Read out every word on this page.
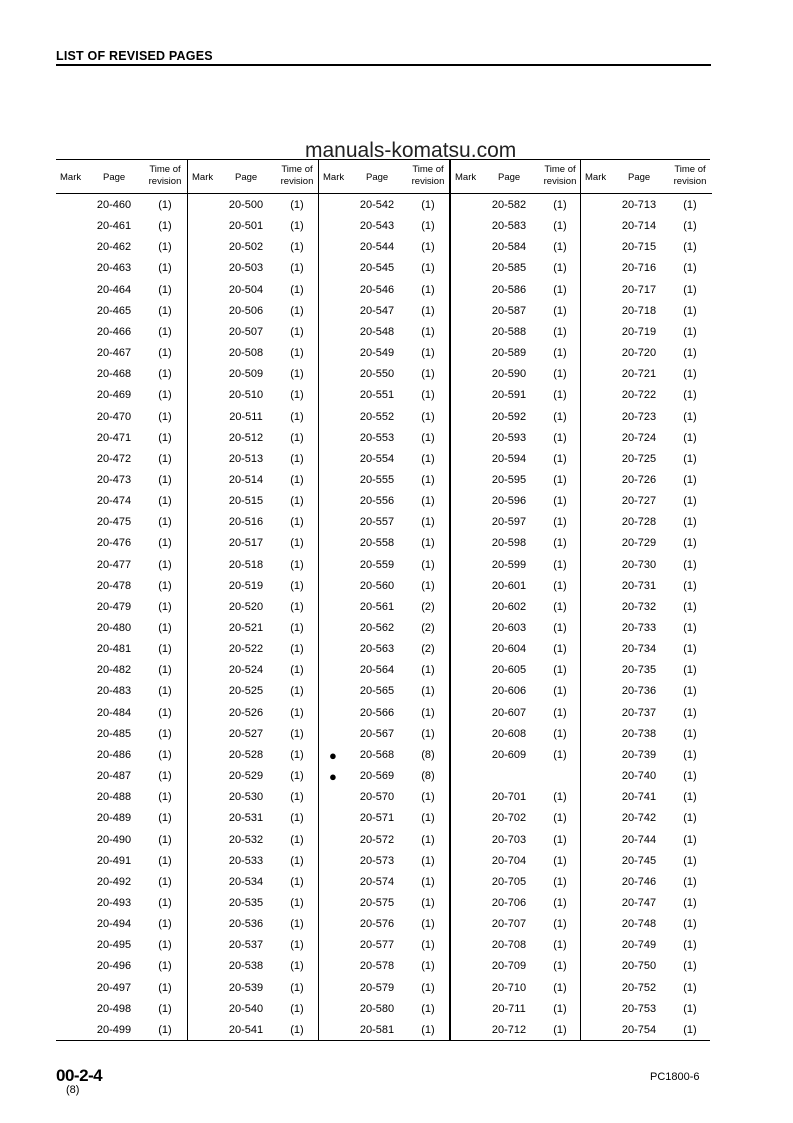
LIST OF REVISED PAGES
manuals-komatsu.com
Mark Page
Time of
revision
20-460	(1)
20-461	(1)
20-462	(1)
20-463	(1)
20-464	(1)
20-465	(1)
20-466	(1)
20-467	(1)
20-468	(1)
20-469	(1)
20-470	(1)
20-471	(1)
20-472	(1)
20-473	(1)
20-474	(1)
20-475	(1)
20-476	(1)
20-477	(1)
20-478	(1)
20-479	(1)
20-480	(1)
20-481	(1)
20-482	(1)
20-483	(1)
20-484	(1)
20-485	(1)
20-486	(1)
20-487	(1)
20-488	(1)
20-489	(1)
20-490	(1)
20-491	(1)
20-492	(1)
20-493	(1)
20-494	(1)
20-495	(1)
20-496	(1)
20-497	(1)
20-498	(1)
20-499	(1)
Mark Page
Time of
revision
20-500	(1)
20-501	(1)
20-502	(1)
20-503	(1)
20-504	(1)
20-506	(1)
20-507	(1)
20-508	(1)
20-509	(1)
20-510	(1)
20-511	(1)
20-512	(1)
20-513	(1)
20-514	(1)
20-515	(1)
20-516	(1)
20-517	(1)
20-518	(1)
20-519	(1)
20-520	(1)
20-521	(1)
20-522	(1)
20-524	(1)
20-525	(1)
20-526	(1)
20-527	(1)
20-528	(1)
20-529	(1)
20-530	(1)
20-531	(1)
20-532	(1)
20-533	(1)
20-534	(1)
20-535	(1)
20-536	(1)
20-537	(1)
20-538	(1)
20-539	(1)
20-540	(1)
20-541	(1)
Mark Page
Time of
revision
20-542	(1)
20-543	(1)
20-544	(1)
20-545	(1)
20-546	(1)
20-547	(1)
20-548	(1)
20-549	(1)
20-550	(1)
20-551	(1)
20-552	(1)
20-553	(1)
20-554	(1)
20-555	(1)
20-556	(1)
20-557	(1)
20-558	(1)
20-559	(1)
20-560	(1)
20-561	(2)
20-562	(2)
20-563	(2)
20-564	(1)
20-565	(1)
20-566	(1)
20-567	(1)
● 20-568	(8)
● 20-569	(8)
20-570	(1)
20-571	(1)
20-572	(1)
20-573	(1)
20-574	(1)
20-575	(1)
20-576	(1)
20-577	(1)
20-578	(1)
20-579	(1)
20-580	(1)
20-581	(1)
Mark Page
Time of
revision
20-582	(1)
20-583	(1)
20-584	(1)
20-585	(1)
20-586	(1)
20-587	(1)
20-588	(1)
20-589	(1)
20-590	(1)
20-591	(1)
20-592	(1)
20-593	(1)
20-594	(1)
20-595	(1)
20-596	(1)
20-597	(1)
20-598	(1)
20-599	(1)
20-601	(1)
20-602	(1)
20-603	(1)
20-604	(1)
20-605	(1)
20-606	(1)
20-607	(1)
20-608	(1)
20-609	(1)
20-701	(1)
20-702	(1)
20-703	(1)
20-704	(1)
20-705	(1)
20-706	(1)
20-707	(1)
20-708	(1)
20-709	(1)
20-710	(1)
20-711	(1)
20-712	(1)
Mark Page
Time of
revision
20-713	(1)
20-714	(1)
20-715	(1)
20-716	(1)
20-717	(1)
20-718	(1)
20-719	(1)
20-720	(1)
20-721	(1)
20-722	(1)
20-723	(1)
20-724	(1)
20-725	(1)
20-726	(1)
20-727	(1)
20-728	(1)
20-729	(1)
20-730	(1)
20-731	(1)
20-732	(1)
20-733	(1)
20-734	(1)
20-735	(1)
20-736	(1)
20-737	(1)
20-738	(1)
20-739	(1)
20-740	(1)
20-741	(1)
20-742	(1)
20-744	(1)
20-745	(1)
20-746	(1)
20-747	(1)
20-748	(1)
20-749	(1)
20-750	(1)
20-752	(1)
20-753	(1)
20-754	(1)
00-2-4
(8)
PC1800-6
